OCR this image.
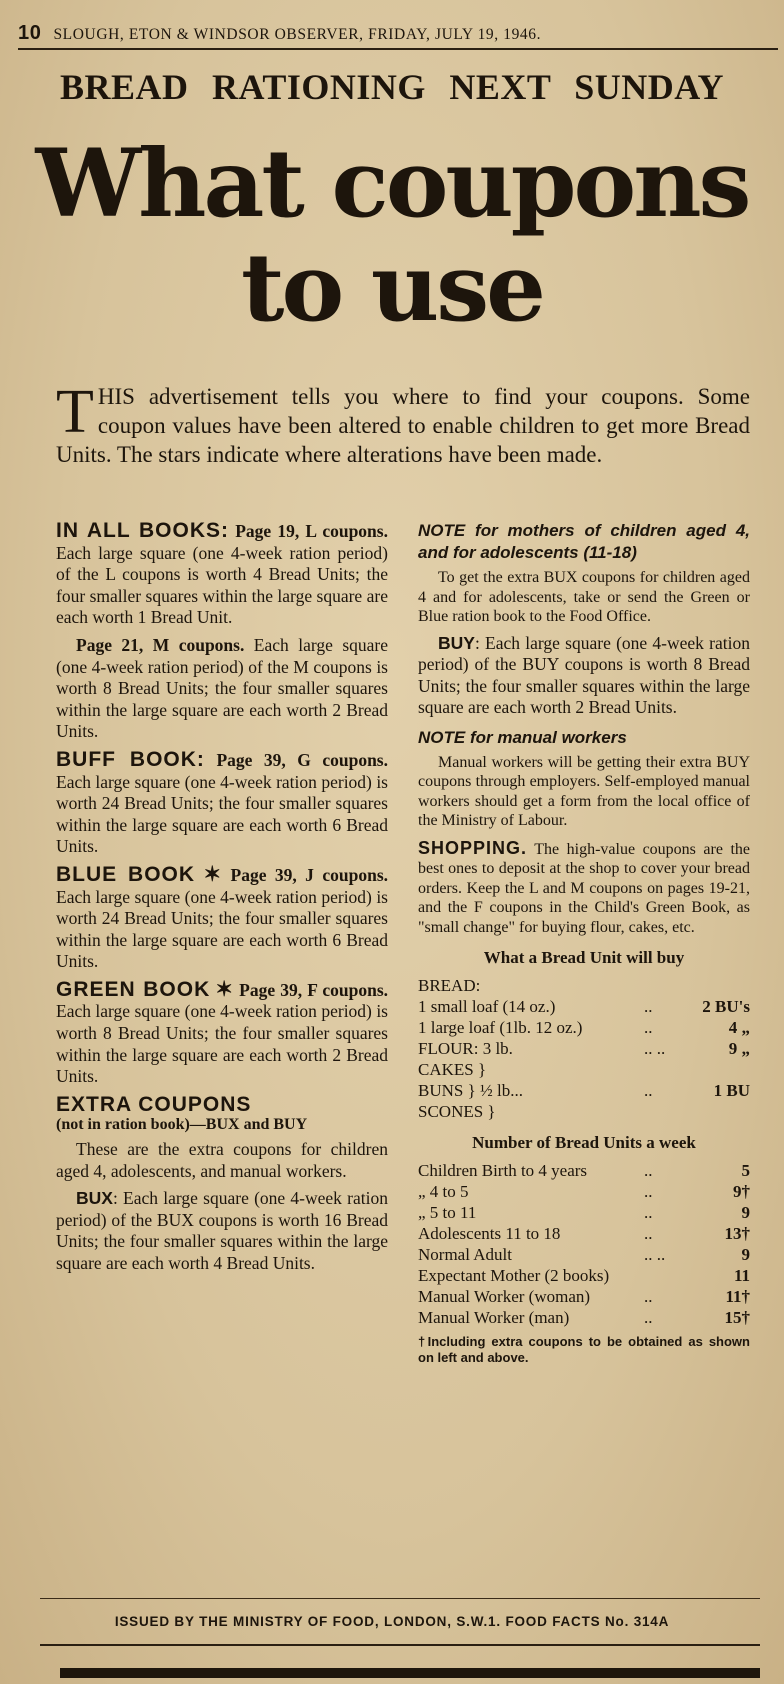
10 SLOUGH, ETON & WINDSOR OBSERVER, FRIDAY, JULY 19, 1946.
BREAD RATIONING NEXT SUNDAY
What coupons
to use
THIS advertisement tells you where to find your coupons. Some coupon values have been altered to enable children to get more Bread Units. The stars indicate where alterations have been made.

IN ALL BOOKS: Page 19, L coupons. Each large square (one 4-week ration period) of the L coupons is worth 4 Bread Units; the four smaller squares within the large square are each worth 1 Bread Unit.

Page 21, M coupons. Each large square (one 4-week ration period) of the M coupons is worth 8 Bread Units; the four smaller squares within the large square are each worth 2 Bread Units.

BUFF BOOK: Page 39, G coupons. Each large square (one 4-week ration period) is worth 24 Bread Units; the four smaller squares within the large square are each worth 6 Bread Units.

BLUE BOOK ✶ Page 39, J coupons. Each large square (one 4-week ration period) is worth 24 Bread Units; the four smaller squares within the large square are each worth 6 Bread Units.

GREEN BOOK ✶ Page 39, F coupons. Each large square (one 4-week ration period) is worth 8 Bread Units; the four smaller squares within the large square are each worth 2 Bread Units.

EXTRA COUPONS
(not in ration book)—BUX and BUY

These are the extra coupons for children aged 4, adolescents, and manual workers.

BUX: Each large square (one 4-week ration period) of the BUX coupons is worth 16 Bread Units; the four smaller squares within the large square are each worth 4 Bread Units.

NOTE for mothers of children aged 4, and for adolescents (11-18)

To get the extra BUX coupons for children aged 4 and for adolescents, take or send the Green or Blue ration book to the Food Office.

BUY: Each large square (one 4-week ration period) of the BUY coupons is worth 8 Bread Units; the four smaller squares within the large square are each worth 2 Bread Units.

NOTE for manual workers

Manual workers will be getting their extra BUY coupons through employers. Self-employed manual workers should get a form from the local office of the Ministry of Labour.

SHOPPING. The high-value coupons are the best ones to deposit at the shop to cover your bread orders. Keep the L and M coupons on pages 19-21, and the F coupons in the Child's Green Book, as "small change" for buying flour, cakes, etc.

What a Bread Unit will buy
BREAD:		
1 small loaf (14 oz.)	..	2 BU's
1 large loaf (1lb. 12 oz.)	..	4 „
FLOUR: 3 lb.	.. ..	9 „
CAKES }		
BUNS } ½ lb...	..	1 BU
SCONES }		
Number of Bread Units a week
Children Birth to 4 years	..	5
„ 4 to 5	..	9†
„ 5 to 11	..	9
Adolescents 11 to 18	..	13†
Normal Adult	.. ..	9
Expectant Mother (2 books)		11
Manual Worker (woman)	..	11†
Manual Worker (man)	..	15†

†Including extra coupons to be obtained as shown on left and above.

ISSUED BY THE MINISTRY OF FOOD, LONDON, S.W.1. FOOD FACTS No. 314A
